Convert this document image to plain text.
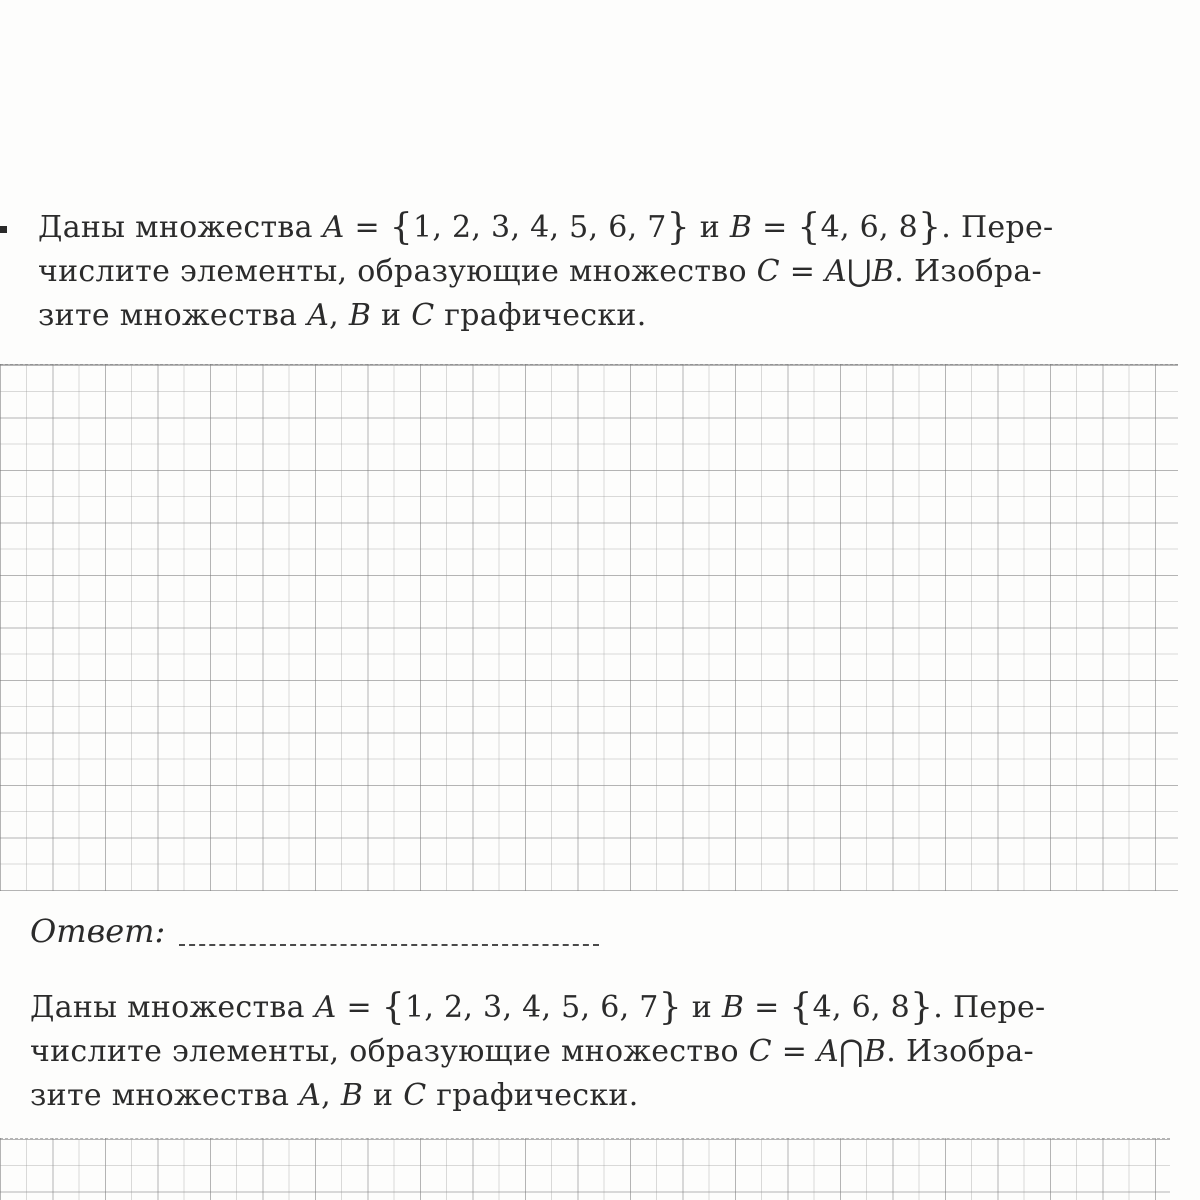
Даны множества A = {1, 2, 3, 4, 5, 6, 7} и B = {4, 6, 8}. Пере-
числите элементы, образующие множество C = A⋃B. Изобра-
зите множества A, B и C графически.
Ответ:
Даны множества A = {1, 2, 3, 4, 5, 6, 7} и B = {4, 6, 8}. Пере-
числите элементы, образующие множество C = A⋂B. Изобра-
зите множества A, B и C графически.
